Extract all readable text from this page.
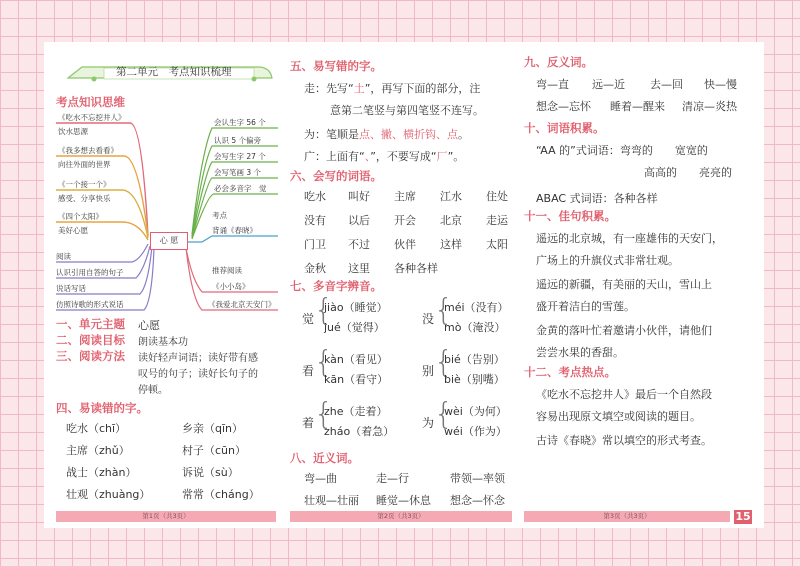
第二单元　考点知识梳理
考点知识思维
心 愿
《吃水不忘挖井人》
饮水思源
《我多想去看看》
向往外面的世界
《一个接一个》
感受、分享快乐
《四个太阳》
美好心愿
会认生字 56 个
认识 5 个偏旁
会写生字 27 个
会写笔画 3 个
必会多音字　觉
考点
背诵《春晓》
阅读
认识引用自答的句子
说话写话
仿照诗歌的形式说话
推荐阅读
《小小岛》
《我爱北京天安门》
一、单元主题 心愿
二、阅读目标 朗读基本功
三、阅读方法 读好轻声词语；读好带有感
叹号的句子；读好长句子的
停顿。
四、易读错的字。
吃水（chī）	乡亲（qīn）
主席（zhǔ）	村子（cūn）
战士（zhàn）	诉说（sù）
壮观（zhuàng）	常常（cháng）
第1页（共3页）
五、易写错的字。
走：先写“土”，再写下面的部分，注
意第二笔竖与第四笔竖不连写。
为：笔顺是点、撇、横折钩、点。
广：上面有“、”，不要写成“厂”。
六、会写的词语。
吃水 叫好 主席 江水 住处
没有 以后 开会 北京 走运
门卫 不过 伙伴 这样 太阳
金秋 这里 各种各样
七、多音字辨音。
觉 {
jiào（睡觉）
jué（觉得）
没 {
méi（没有）
mò（淹没）
看 {
kàn（看见）
kān（看守）
别 {
bié（告别）
biè（别嘴）
着 {
zhe（走着）
zháo（着急）
为 {
wèi（为何）
wéi（作为）
八、近义词。
弯—曲	走—行	带领—率领
壮观—壮丽 睡觉—休息 想念—怀念
第2页（共3页）
九、反义词。
弯—直 远—近 去—回 快—慢
想念—忘怀 睡着—醒来 清凉—炎热
十、词语积累。
“AA 的”式词语：弯弯的　　宽宽的
高高的　　亮亮的
ABAC 式词语：各种各样
十一、佳句积累。
遥远的北京城，有一座雄伟的天安门，
广场上的升旗仪式非常壮观。
遥远的新疆，有美丽的天山，雪山上
盛开着洁白的雪莲。
金黄的落叶忙着邀请小伙伴，请他们
尝尝水果的香甜。
十二、考点热点。
《吃水不忘挖井人》最后一个自然段
容易出现原文填空或阅读的题目。
古诗《春晓》常以填空的形式考查。
第3页（共3页）	15
